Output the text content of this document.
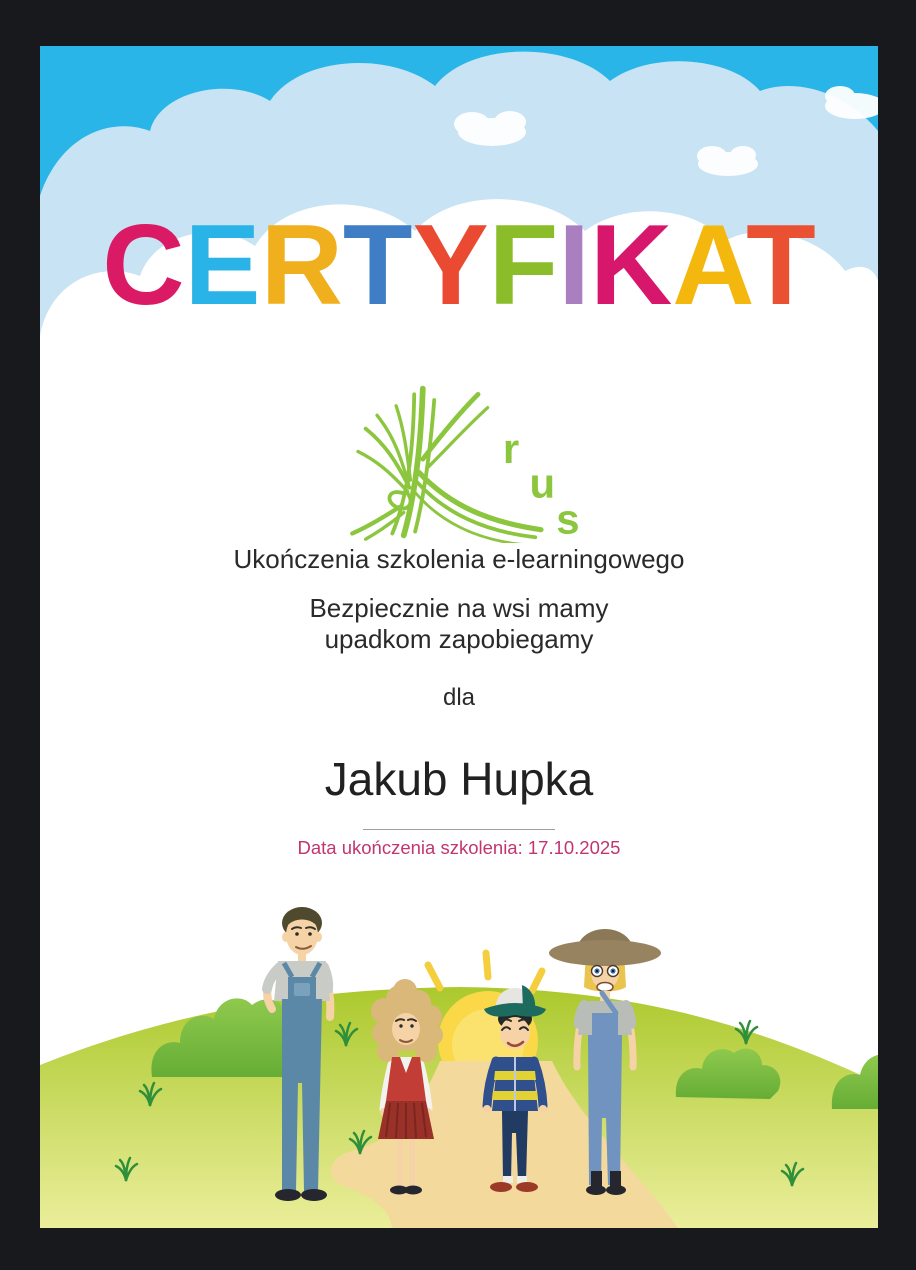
CERTYFIKAT
r
u
s
Ukończenia szkolenia e-learningowego
Bezpiecznie na wsi mamy
upadkom zapobiegamy
dla
Jakub Hupka
Data ukończenia szkolenia: 17.10.2025
